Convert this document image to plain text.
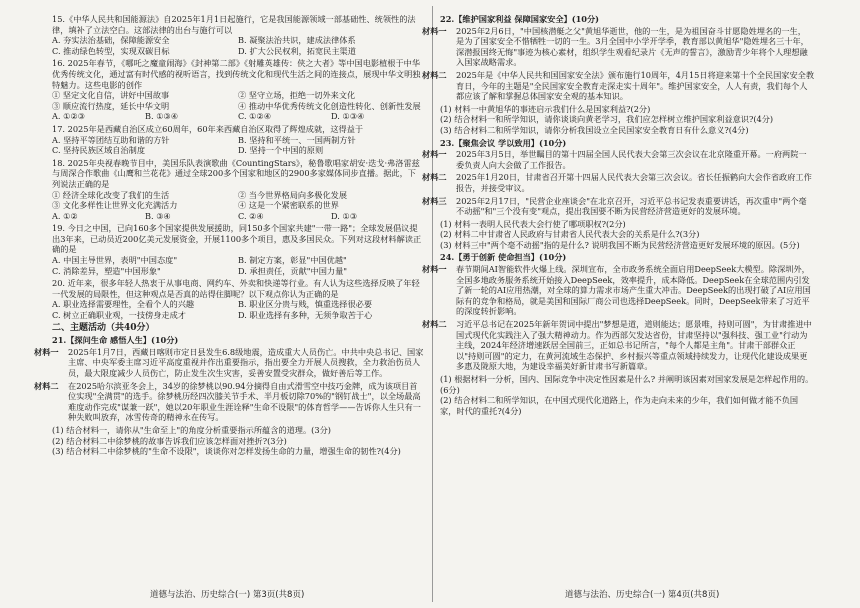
15.《中华人民共和国能源法》自2025年1月1日起施行，它是我国能源领域一部基础性、统领性的法律，填补了立法空白。这部法律的出台与施行可以
A. 夯实法治基础，保障能源安全	B. 凝聚法治共识，建成法律体系
C. 推动绿色转型，实现双碳目标	D. 扩大公民权利，拓宽民主渠道
16. 2025年春节，《哪吒之魔童闹海》《封神第二部》《射雕英雄传：侠之大者》等中国电影植根于中华优秀传统文化，通过富有时代感的视听语言，找到传统文化和现代生活之间的连接点，展现中华文明独特魅力。这些电影的创作
① 坚定文化自信，讲好中国故事	② 坚守立场，拒绝一切外来文化
③ 顺应流行热度，延长中华文明	④ 推动中华优秀传统文化创造性转化、创新性发展
A. ①②③	B. ①③④	C. ①②④	D. ①③④
17. 2025年是西藏自治区成立60周年，60年来西藏自治区取得了辉煌成就，这得益于
A. 坚持平等团结互助和谐的方针	B. 坚持和平统一、一国两制方针
C. 坚持民族区域自治制度	D. 坚持一个中国的原则
18. 2025年央视春晚节目中，美国乐队表演歌曲《CountingStars》，秘鲁歌唱家胡安·迭戈·弗洛雷兹与周深合作歌曲《山鹰和兰花花》通过全球200多个国家和地区的2900多家媒体同步直播。据此，下列说法正确的是
① 经济全球化改变了我们的生活	② 当今世界格局向多极化发展
③ 文化多样性让世界文化充满活力	④ 这是一个紧密联系的世界
A. ①②	B. ③④	C. ②④	D. ①③
19. 今日之中国，已向160多个国家提供发展援助，同150多个国家共建"一带一路"；全球发展倡议提出3年来，已动员近200亿美元发展资金，开展1100多个项目，惠及多国民众。下列对这段材料解读正确的是
A. 中国主导世界，表明"中国态度"	B. 制定方案，彰显"中国优越"
C. 消除差异，塑造"中国形象"	D. 承担责任，贡献"中国力量"
20. 近年来，很多年轻人热衷于从事电商、网约车、外卖和快递等行业。有人认为这些选择反映了年轻一代发展的局限性，但这种观点是否真的站得住脚呢？以下观点你认为正确的是
A. 职业选择需要理性，全看个人的兴趣	B. 职业区分贵与贱，慎重选择很必要
C. 树立正确职业观，一技傍身走成才	D. 职业选择有多种，无须争取苦于心
二、主题活动（共40分）
21.【探问生命 感悟人生】(10分)
材料一 2025年1月7日，西藏日喀则市定日县发生6.8级地震，造成重大人员伤亡。中共中央总书记、国家主席、中央军委主席习近平高度重视并作出重要指示，指出要全力开展人员搜救，全力救治伤员人员，最大限度减少人员伤亡，防止发生次生灾害，妥善安置受灾群众，做好善后等工作。
材料二 在2025哈尔滨亚冬会上，34岁的徐梦桃以90.94分摘得自由式滑雪空中技巧金牌，成为该项目首位实现"全满贯"的选手。徐梦桃历经四次膝关节手术、半月板切除70%的"钢钉战士"，以全场最高难度动作完成"谋兼一跃"，她以20年职业生涯诠释"生命不设限"的体育哲学——告诉你人生只有一种失败叫放弃，冰雪传奇的精神永在传写。
(1) 结合材料一，请你从"生命至上"的角度分析重要指示所蕴含的道理。(3分)
(2) 结合材料二中徐梦桃的故事告诉我们应该怎样面对挫折?(3分)
(3) 结合材料二中徐梦桃的"生命不设限"，谈谈你对怎样发扬生命的力量，增强生命的韧性?(4分)
22.【维护国家利益 保障国家安全】(10分)
材料一 2025年2月6日，"中国核潜艇之父"黄旭华逝世，他的一生，是为祖国奋斗甘愿隐姓埋名的一生，是为了国家安全不惜牺牲一切的一生。3月全国中小学开学季，教育部以黄旭华"隐姓埋名三十年，深潜报国终无悔"事迹为核心素材，组织学生观看纪录片《无声的誓言》，激励青少年将个人理想融入国家战略需求。
材料二 2025年是《中华人民共和国国家安全法》颁布施行10周年，4月15日将迎来第十个全民国家安全教育日，今年的主题是"全民国家安全教育走深走实十周年"。维护国家安全，人人有责，我们每个人都应该了解和掌握总体国家安全观的基本知识。
(1) 材料一中黄旭华的事迹启示我们什么是国家利益?(2分)
(2) 结合材料一和所学知识，请你谈谈向黄老学习，我们应怎样树立维护国家利益意识?(4分)
(3) 结合材料二和所学知识，请你分析我国设立全民国家安全教育日有什么意义?(4分)
23.【聚焦会议 学以致用】(10分)
材料一 2025年3月5日，举世瞩目的第十四届全国人民代表大会第三次会议在北京隆重开幕。一府两院一委负责人向大会做了工作报告。
材料二 2025年1月20日，甘肃省召开第十四届人民代表大会第三次会议。省长任振鹤向大会作省政府工作报告，并接受审议。
材料三 2025年2月17日，"民营企业座谈会"在北京召开，习近平总书记发表重要讲话，再次重申"两个毫不动摇"和"三个没有变"观点，提出我国要不断为民营经济营造更好的发展环境。
(1) 材料一表明人民代表大会行使了哪项职权?(2分)
(2) 材料二中甘肃省人民政府与甘肃省人民代表大会的关系是什么?(3分)
(3) 材料三中"两个毫不动摇"指的是什么? 说明我国不断为民营经济营造更好发展环境的原因。(5分)
24.【勇于创新 使命担当】(10分)
材料一 春节期间AI智能软件火爆上线。深圳宣布，全市政务系统全面启用DeepSeek大模型。除深圳外，全国多地政务服务系统开始接入DeepSeek，效率提升，成本降低。DeepSeek在全球范围内引发了新一轮的AI应用热潮，对全球的算力需求市场产生重大冲击。DeepSeek的出现打破了AI应用国际有的竞争和格局，就是美国和国际厂商公司也选择DeepSeek。同时，DeepSeek带来了习近平的深度转折影响。
材料二 习近平总书记在2025年新年贺词中提出"梦想是道，道则能达；愿景唯，持则可圆"，为甘肃推进中国式现代化实践注入了强大精神动力。作为西部欠发达省份，甘肃坚持以"强科技、强工业"行动为主线，2024年经济增速跃居全国前三，正如总书记所言，"每个人都是主角"。甘肃干部群众正以"持则可圆"的定力，在黄河流域生态保护、乡村振兴等重点领域持续发力，让现代化建设成果更多惠及陇原大地，为建设幸福美好新甘肃书写新篇章。
(1) 根据材料一分析，国内、国际竞争中决定性因素是什么? 并阐明该因素对国家发展是怎样起作用的。(6分)
(2) 结合材料二和所学知识，在中国式现代化道路上，作为走向未来的少年，我们如何做才能不负国家，时代的重托?(4分)
道德与法治、历史综合(一) 第3页(共8页)	道德与法治、历史综合(一) 第4页(共8页)
